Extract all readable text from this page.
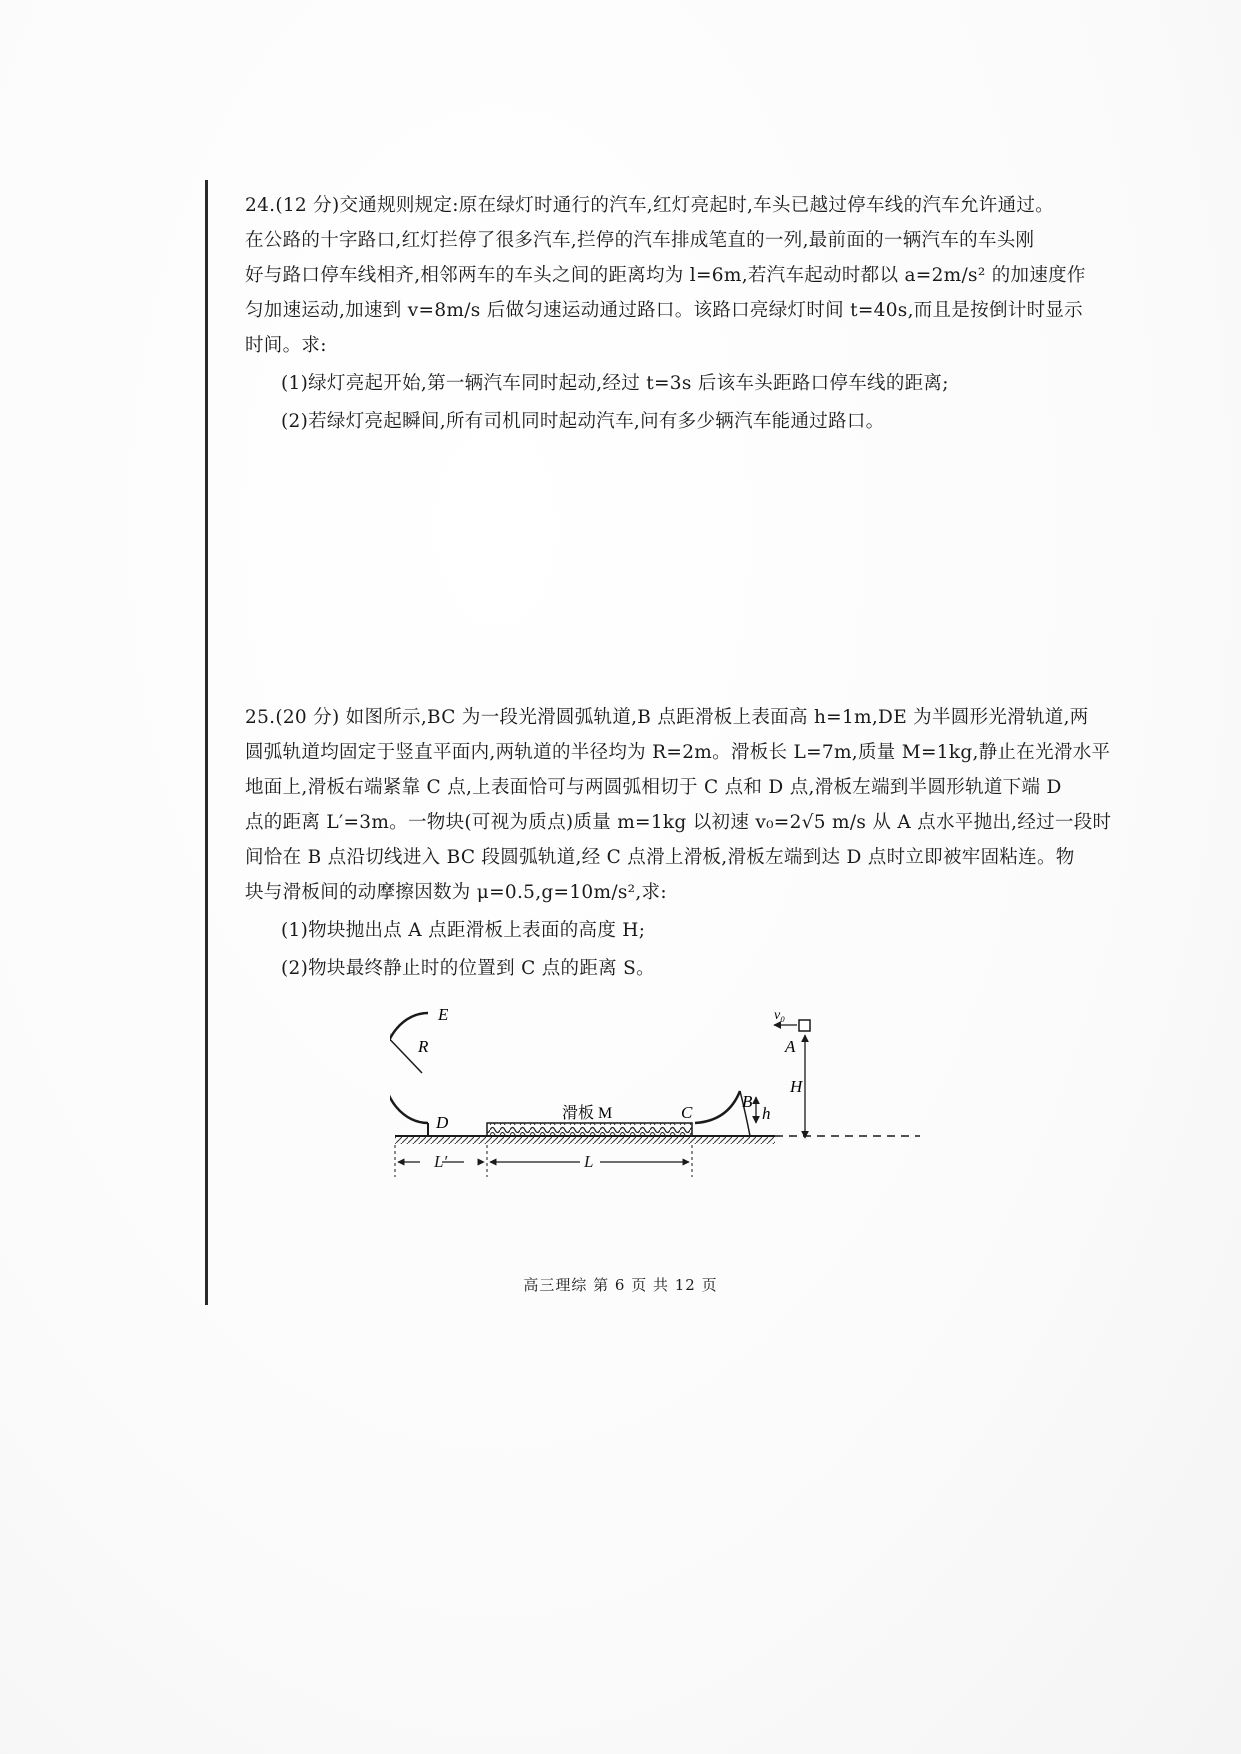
24.(12 分)交通规则规定:原在绿灯时通行的汽车,红灯亮起时,车头已越过停车线的汽车允许通过。
在公路的十字路口,红灯拦停了很多汽车,拦停的汽车排成笔直的一列,最前面的一辆汽车的车头刚
好与路口停车线相齐,相邻两车的车头之间的距离均为 l=6m,若汽车起动时都以 a=2m/s² 的加速度作
匀加速运动,加速到 v=8m/s 后做匀速运动通过路口。该路口亮绿灯时间 t=40s,而且是按倒计时显示
时间。求:
(1)绿灯亮起开始,第一辆汽车同时起动,经过 t=3s 后该车头距路口停车线的距离;
(2)若绿灯亮起瞬间,所有司机同时起动汽车,问有多少辆汽车能通过路口。
25.(20 分) 如图所示,BC 为一段光滑圆弧轨道,B 点距滑板上表面高 h=1m,DE 为半圆形光滑轨道,两
圆弧轨道均固定于竖直平面内,两轨道的半径均为 R=2m。滑板长 L=7m,质量 M=1kg,静止在光滑水平
地面上,滑板右端紧靠 C 点,上表面恰可与两圆弧相切于 C 点和 D 点,滑板左端到半圆形轨道下端 D
点的距离 L′=3m。一物块(可视为质点)质量 m=1kg 以初速 v₀=2√5 m/s 从 A 点水平抛出,经过一段时
间恰在 B 点沿切线进入 BC 段圆弧轨道,经 C 点滑上滑板,滑板左端到达 D 点时立即被牢固粘连。物
块与滑板间的动摩擦因数为 μ=0.5,g=10m/s²,求:
(1)物块抛出点 A 点距滑板上表面的高度 H;
(2)物块最终静止时的位置到 C 点的距离 S。
E
R
D	滑板 M	C
B
h
v₀
A
H
L′	L
高三理综 第 6 页 共 12 页
